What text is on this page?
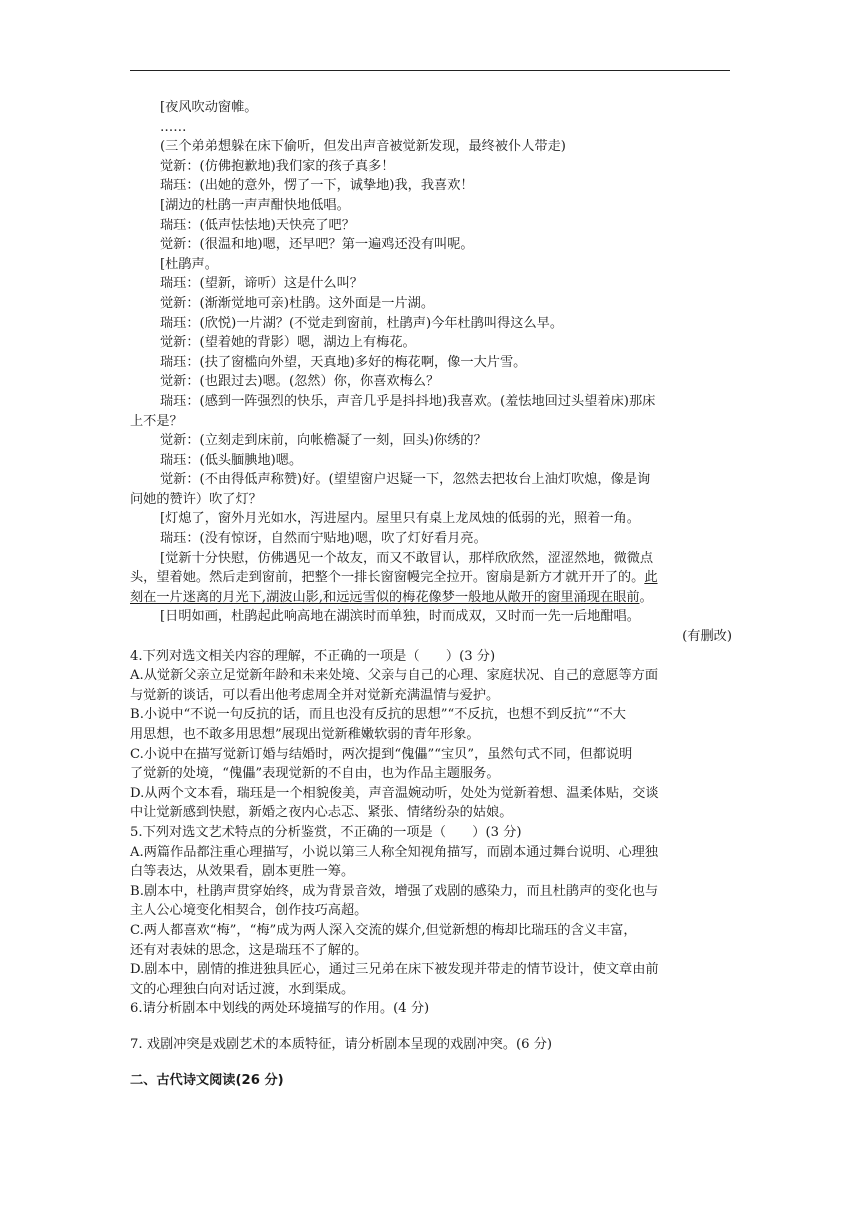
[夜风吹动窗帷。
……
(三个弟弟想躲在床下偷听，但发出声音被觉新发现，最终被仆人带走)
觉新：(仿佛抱歉地)我们家的孩子真多！
瑞珏：(出她的意外，愣了一下，诚挚地)我，我喜欢！
[湖边的杜鹃一声声酣快地低唱。
瑞珏：(低声怯怯地)天快亮了吧？
觉新：(很温和地)嗯，还早吧？第一遍鸡还没有叫呢。
[杜鹃声。
瑞珏：(望新，谛听）这是什么叫？
觉新：(渐渐觉地可亲)杜鹃。这外面是一片湖。
瑞珏：(欣悦)一片湖？(不觉走到窗前，杜鹃声)今年杜鹃叫得这么早。
觉新：(望着她的背影）嗯，湖边上有梅花。
瑞珏：(扶了窗槛向外望，天真地)多好的梅花啊，像一大片雪。
觉新：(也跟过去)嗯。(忽然）你，你喜欢梅么？
瑞珏：(感到一阵强烈的快乐，声音几乎是抖抖地)我喜欢。(羞怯地回过头望着床)那床
上不是？
觉新：(立刻走到床前，向帐檐凝了一刻，回头)你绣的？
瑞珏：(低头腼腆地)嗯。
觉新：(不由得低声称赞)好。(望望窗户迟疑一下，忽然去把妆台上油灯吹熄，像是询
问她的赞许）吹了灯？
[灯熄了，窗外月光如水，泻进屋内。屋里只有桌上龙凤烛的低弱的光，照着一角。
瑞珏：(没有惊讶，自然而宁贴地)嗯，吹了灯好看月亮。
[觉新十分快慰，仿佛遇见一个故友，而又不敢冒认，那样欣欣然，涩涩然地，微微点
头，望着她。然后走到窗前，把整个一排长窗窗幔完全拉开。窗扇是新方才就开开了的。此
刻在一片迷离的月光下,湖波山影,和远远雪似的梅花像梦一般地从敞开的窗里涌现在眼前。
[日明如画，杜鹃起此响高地在湖滨时而单独，时而成双，又时而一先一后地酣唱。
(有删改)
4.下列对选文相关内容的理解，不正确的一项是（　　）(3 分)
A.从觉新父亲立足觉新年龄和未来处境、父亲与自己的心理、家庭状况、自己的意愿等方面
与觉新的谈话，可以看出他考虑周全并对觉新充满温情与爱护。
B.小说中“不说一句反抗的话，而且也没有反抗的思想”“不反抗，也想不到反抗”“不大
用思想，也不敢多用思想”展现出觉新稚嫩软弱的青年形象。
C.小说中在描写觉新订婚与结婚时，两次提到“傀儡”“宝贝”，虽然句式不同，但都说明
了觉新的处境，“傀儡”表现觉新的不自由，也为作品主题服务。
D.从两个文本看，瑞珏是一个相貌俊美，声音温婉动听，处处为觉新着想、温柔体贴，交谈
中让觉新感到快慰，新婚之夜内心忐忑、紧张、情绪纷杂的姑娘。
5.下列对选文艺术特点的分析鉴赏，不正确的一项是（　　）(3 分)
A.两篇作品都注重心理描写，小说以第三人称全知视角描写，而剧本通过舞台说明、心理独
白等表达，从效果看，剧本更胜一筹。
B.剧本中，杜鹃声贯穿始终，成为背景音效，增强了戏剧的感染力，而且杜鹃声的变化也与
主人公心境变化相契合，创作技巧高超。
C.两人都喜欢“梅”，“梅”成为两人深入交流的媒介,但觉新想的梅却比瑞珏的含义丰富，
还有对表妹的思念，这是瑞珏不了解的。
D.剧本中，剧情的推进独具匠心，通过三兄弟在床下被发现并带走的情节设计，使文章由前
文的心理独白向对话过渡，水到渠成。
6.请分析剧本中划线的两处环境描写的作用。(4 分)
7. 戏剧冲突是戏剧艺术的本质特征，请分析剧本呈现的戏剧冲突。(6 分)
二、古代诗文阅读(26 分)
